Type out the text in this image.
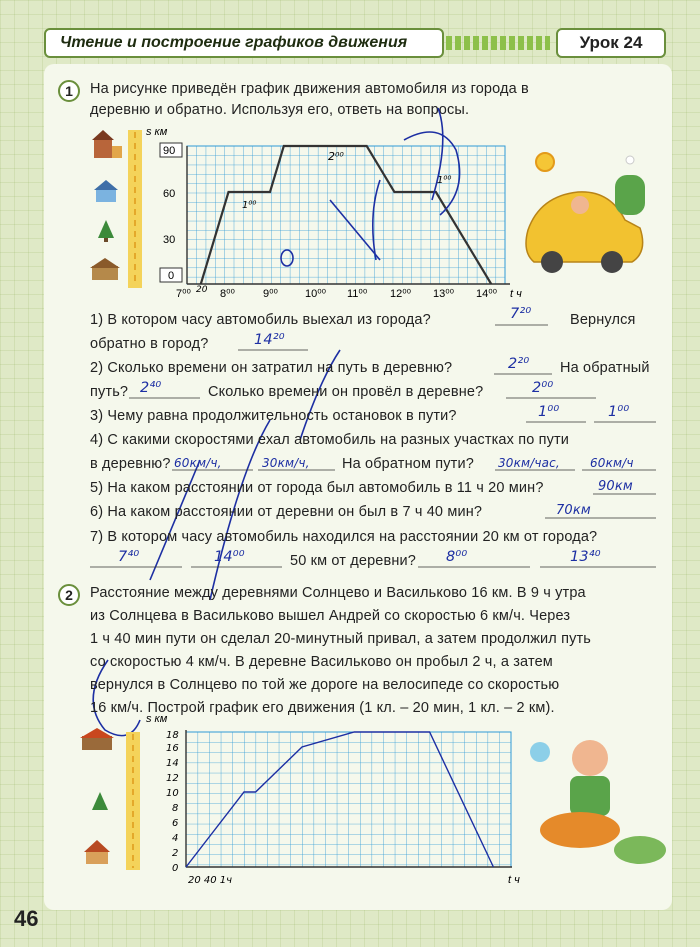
Чтение и построение графиков движения	Урок 24
1	На рисунке приведён график движения автомобиля из города в
деревню и обратно. Используя его, ответь на вопросы.
90
60
30
0
s км
7⁰⁰	8⁰⁰	9⁰⁰ 10⁰⁰ 11⁰⁰ 12⁰⁰ 13⁰⁰ 14⁰⁰ t ч
20
1⁰⁰
2⁰⁰
1⁰⁰
s км
0
2
4
6
8
10
12
14
16
18
20 40 1ч	t ч
1) В котором часу автомобиль выехал из города?	7²⁰	Вернулся
обратно в город?	14²⁰
2) Сколько времени он затратил на путь в деревню?	2²⁰ На обратный
путь? 2⁴⁰	Сколько времени он провёл в деревне?	2⁰⁰
3) Чему равна продолжительность остановок в пути?	1⁰⁰	1⁰⁰
4) С какими скоростями ехал автомобиль на разных участках по пути
в деревню? 60км/ч,	30км/ч, На обратном пути? 30км/час,	60км/ч
5) На каком расстоянии от города был автомобиль в 11 ч 20 мин?	90км
6) На каком расстоянии от деревни он был в 7 ч 40 мин?	70км
7) В котором часу автомобиль находился на расстоянии 20 км от города?
7⁴⁰	14⁰⁰	50 км от деревни? 8⁰⁰	13⁴⁰
2	Расстояние между деревнями Солнцево и Васильково 16 км. В 9 ч утра
из Солнцева в Васильково вышел Андрей со скоростью 6 км/ч. Через
1 ч 40 мин пути он сделал 20-минутный привал, а затем продолжил путь
со скоростью 4 км/ч. В деревне Васильково он пробыл 2 ч, а затем
вернулся в Солнцево по той же дороге на велосипеде со скоростью
16 км/ч. Построй график его движения (1 кл. – 20 мин, 1 кл. – 2 км).
46
